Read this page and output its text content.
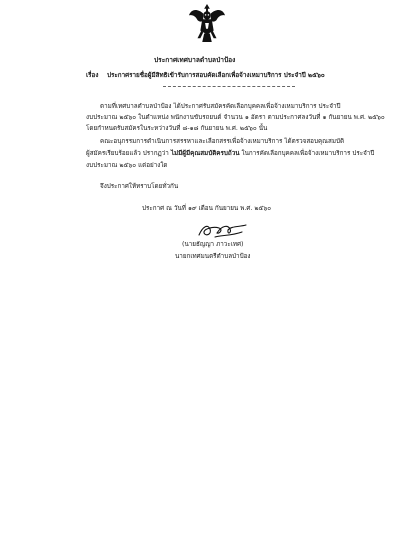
ประกาศเทศบาลตำบลป่าป้อง
เรื่อง ประกาศรายชื่อผู้มีสิทธิเข้ารับการสอบคัดเลือกเพื่อจ้างเหมาบริการ ประจำปี ๒๕๖๐
ตามที่เทศบาลตำบลป่าป้อง ได้ประกาศรับสมัครคัดเลือกบุคคลเพื่อจ้างเหมาบริการ ประจำปี
งบประมาณ ๒๕๖๐ ในตำแหน่ง พนักงานขับรถยนต์ จำนวน ๑ อัตรา ตามประกาศลงวันที่ ๑ กันยายน พ.ศ. ๒๕๖๐
โดยกำหนดรับสมัครในระหว่างวันที่ ๘-๑๘ กันยายน พ.ศ. ๒๕๖๐ นั้น
คณะอนุกรรมการดำเนินการสรรหาและเลือกสรรเพื่อจ้างเหมาบริการ ได้ตรวจสอบคุณสมบัติ
ผู้สมัครเรียบร้อยแล้ว ปรากฏว่า ไม่มีผู้มีคุณสมบัติครบถ้วน ในการคัดเลือกบุคคลเพื่อจ้างเหมาบริการ ประจำปี
งบประมาณ ๒๕๖๐ แต่อย่างใด
จึงประกาศให้ทราบโดยทั่วกัน
ประกาศ ณ วันที่ ๑๙ เดือน กันยายน พ.ศ. ๒๕๖๐
(นายธัญญา ภาวะเทศ)
นายกเทศมนตรีตำบลป่าป้อง
